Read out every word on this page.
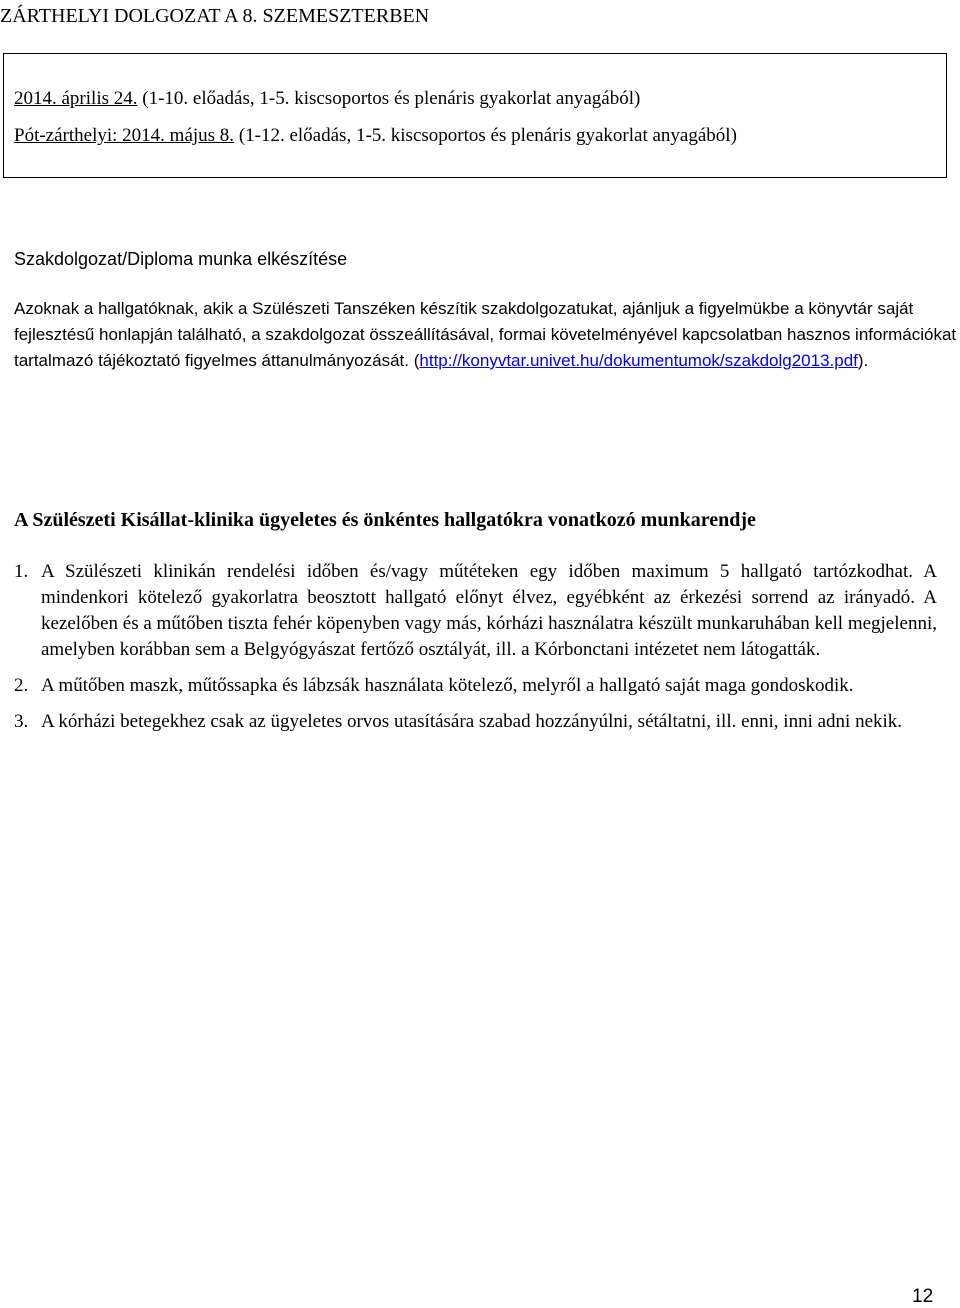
ZÁRTHELYI DOLGOZAT A 8. SZEMESZTERBEN
2014. április 24. (1-10. előadás, 1-5. kiscsoportos és plenáris gyakorlat anyagából)
Pót-zárthelyi: 2014. május 8. (1-12. előadás, 1-5. kiscsoportos és plenáris gyakorlat anyagából)
Szakdolgozat/Diploma munka elkészítése

Azoknak a hallgatóknak, akik a Szülészeti Tanszéken készítik szakdolgozatukat, ajánljuk a figyelmükbe a könyvtár saját fejlesztésű honlapján található, a szakdolgozat összeállításával, formai követelményével kapcsolatban hasznos információkat tartalmazó tájékoztató figyelmes áttanulmányozását. (http://konyvtar.univet.hu/dokumentumok/szakdolg2013.pdf).

A Szülészeti Kisállat-klinika ügyeletes és önkéntes hallgatókra vonatkozó munkarendje
1. A Szülészeti klinikán rendelési időben és/vagy műtéteken egy időben maximum 5 hallgató tartózkodhat. A mindenkori kötelező gyakorlatra beosztott hallgató előnyt élvez, egyébként az érkezési sorrend az irányadó. A kezelőben és a műtőben tiszta fehér köpenyben vagy más, kórházi használatra készült munkaruhában kell megjelenni, amelyben korábban sem a Belgyógyászat fertőző osztályát, ill. a Kórbonctani intézetet nem látogatták.
2. A műtőben maszk, műtőssapka és lábzsák használata kötelező, melyről a hallgató saját maga gondoskodik.
3. A kórházi betegekhez csak az ügyeletes orvos utasítására szabad hozzányúlni, sétáltatni, ill. enni, inni adni nekik.
12
